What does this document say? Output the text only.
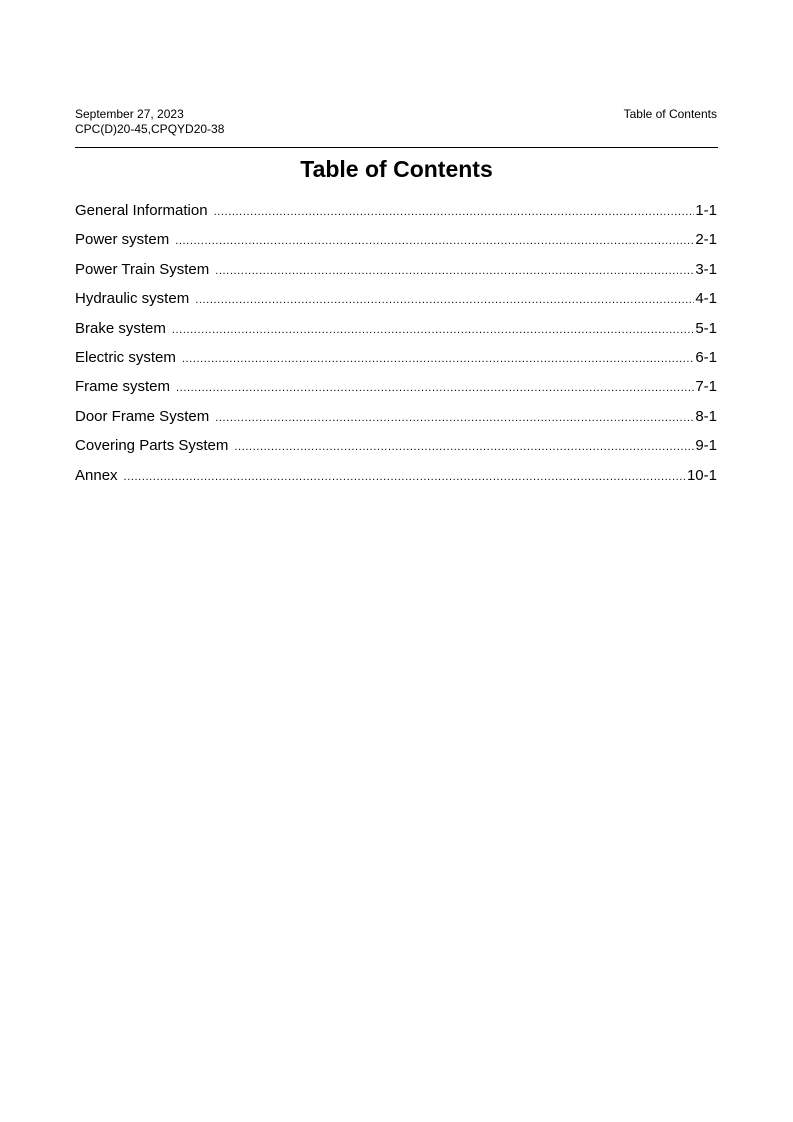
September 27, 2023
CPC(D)20-45,CPQYD20-38
Table of Contents
Table of Contents
General Information .....	1-1
Power system .....	2-1
Power Train System .....	3-1
Hydraulic system .....	4-1
Brake system .....	5-1
Electric system .....	6-1
Frame system .....	7-1
Door Frame System .....	8-1
Covering Parts System .....	9-1
Annex .....	10-1
